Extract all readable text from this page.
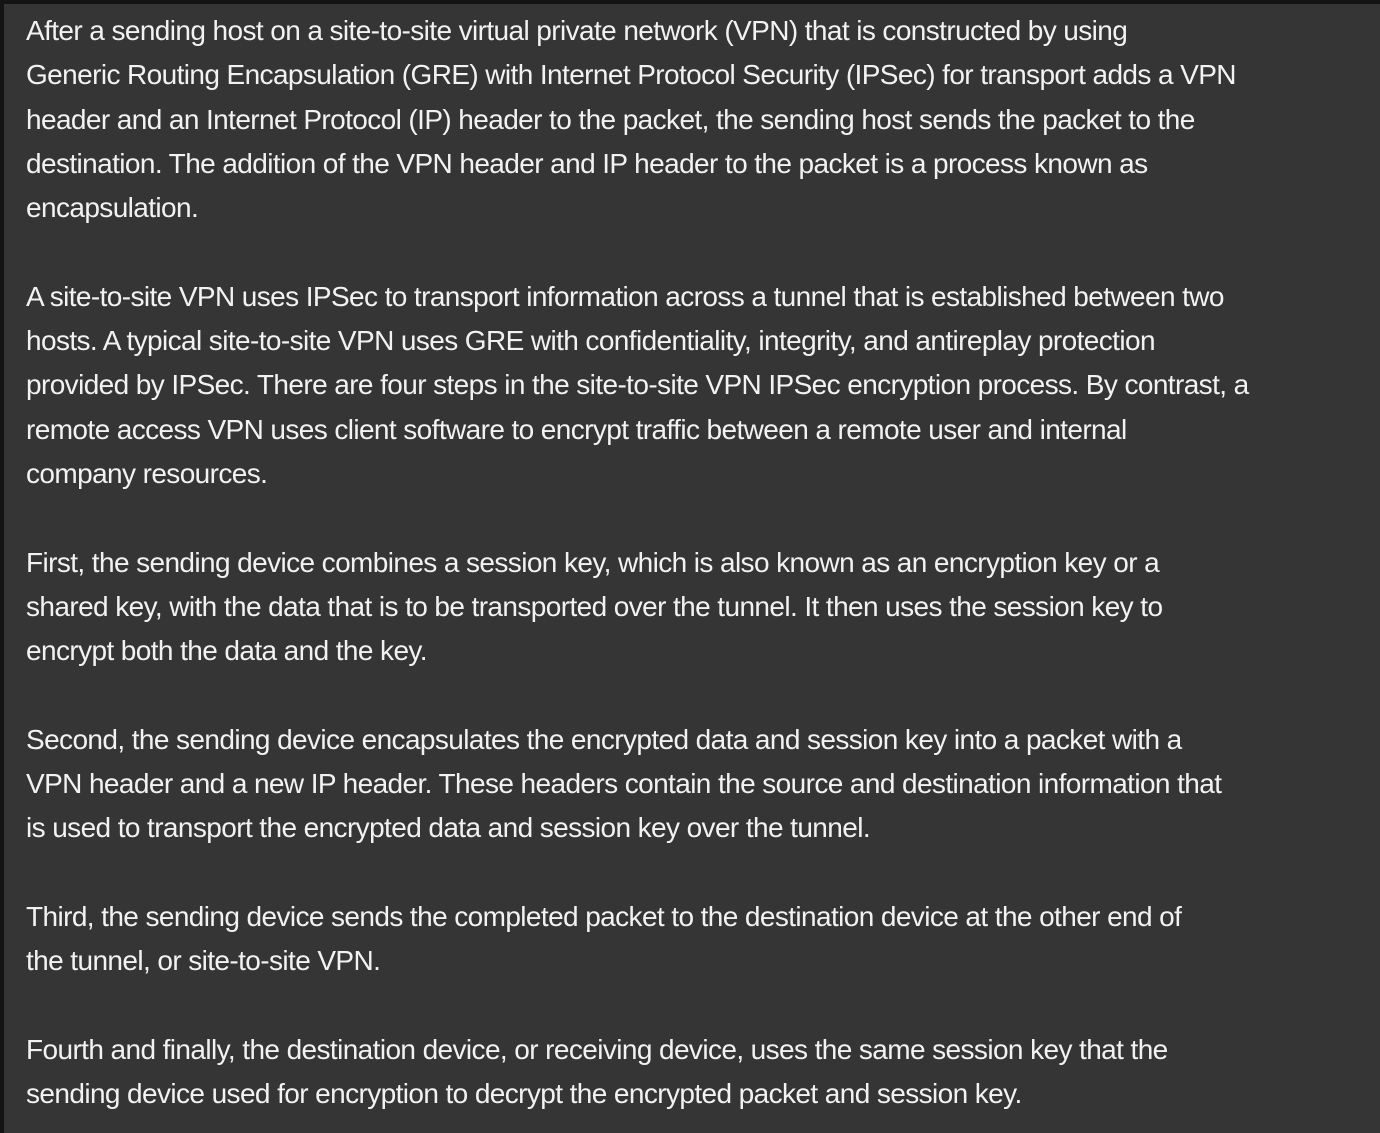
After a sending host on a site-to-site virtual private network (VPN) that is constructed by using
Generic Routing Encapsulation (GRE) with Internet Protocol Security (IPSec) for transport adds a VPN
header and an Internet Protocol (IP) header to the packet, the sending host sends the packet to the
destination. The addition of the VPN header and IP header to the packet is a process known as
encapsulation.
A site-to-site VPN uses IPSec to transport information across a tunnel that is established between two
hosts. A typical site-to-site VPN uses GRE with confidentiality, integrity, and antireplay protection
provided by IPSec. There are four steps in the site-to-site VPN IPSec encryption process. By contrast, a
remote access VPN uses client software to encrypt traffic between a remote user and internal
company resources.
First, the sending device combines a session key, which is also known as an encryption key or a
shared key, with the data that is to be transported over the tunnel. It then uses the session key to
encrypt both the data and the key.
Second, the sending device encapsulates the encrypted data and session key into a packet with a
VPN header and a new IP header. These headers contain the source and destination information that
is used to transport the encrypted data and session key over the tunnel.
Third, the sending device sends the completed packet to the destination device at the other end of
the tunnel, or site-to-site VPN.
Fourth and finally, the destination device, or receiving device, uses the same session key that the
sending device used for encryption to decrypt the encrypted packet and session key.
